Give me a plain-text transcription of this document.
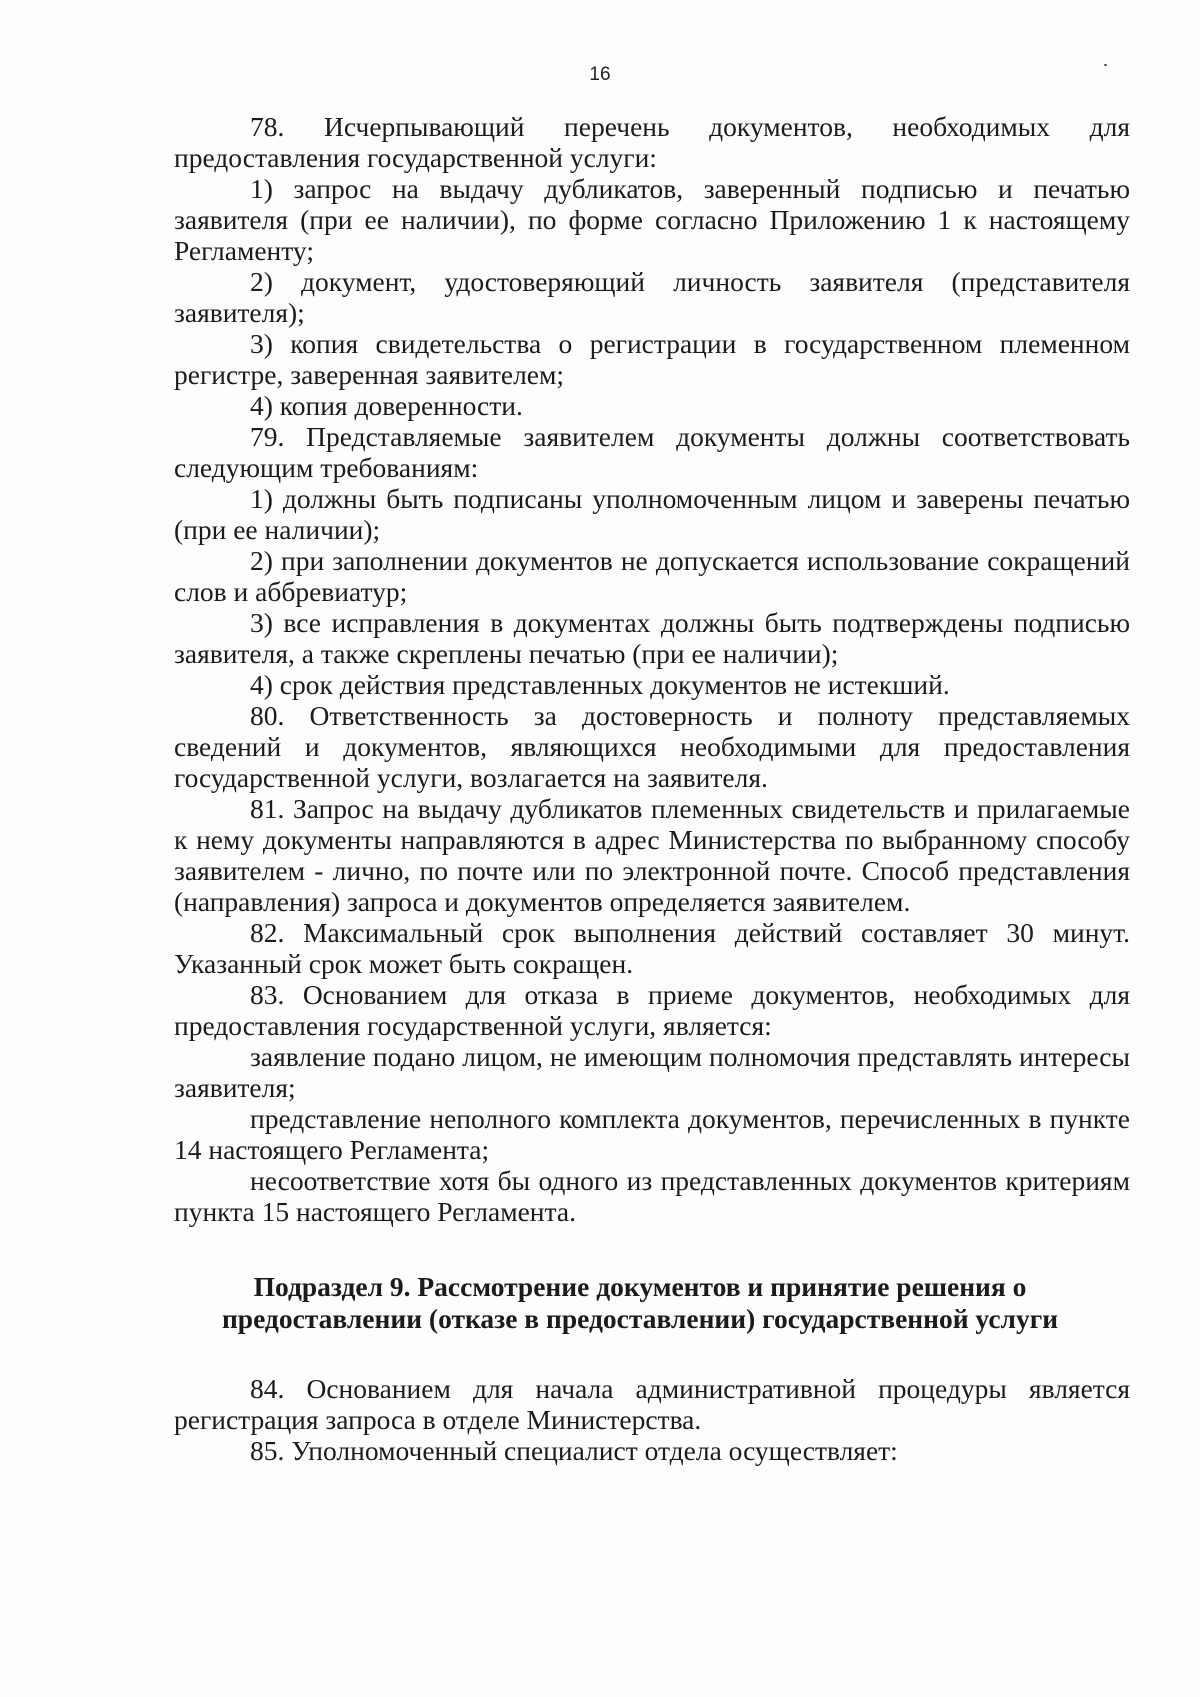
16

78. Исчерпывающий перечень документов, необходимых для предоставления государственной услуги:

1) запрос на выдачу дубликатов, заверенный подписью и печатью заявителя (при ее наличии), по форме согласно Приложению 1 к настоящему Регламенту;

2) документ, удостоверяющий личность заявителя (представителя заявителя);

3) копия свидетельства о регистрации в государственном племенном регистре, заверенная заявителем;

4) копия доверенности.

79. Представляемые заявителем документы должны соответствовать следующим требованиям:

1) должны быть подписаны уполномоченным лицом и заверены печатью (при ее наличии);

2) при заполнении документов не допускается использование сокращений слов и аббревиатур;

3) все исправления в документах должны быть подтверждены подписью заявителя, а также скреплены печатью (при ее наличии);

4) срок действия представленных документов не истекший.

80. Ответственность за достоверность и полноту представляемых сведений и документов, являющихся необходимыми для предоставления государственной услуги, возлагается на заявителя.

81. Запрос на выдачу дубликатов племенных свидетельств и прилагаемые к нему документы направляются в адрес Министерства по выбранному способу заявителем - лично, по почте или по электронной почте. Способ представления (направления) запроса и документов определяется заявителем.

82. Максимальный срок выполнения действий составляет 30 минут. Указанный срок может быть сокращен.

83. Основанием для отказа в приеме документов, необходимых для предоставления государственной услуги, является:

заявление подано лицом, не имеющим полномочия представлять интересы заявителя;

представление неполного комплекта документов, перечисленных в пункте 14 настоящего Регламента;

несоответствие хотя бы одного из представленных документов критериям пункта 15 настоящего Регламента.

Подраздел 9. Рассмотрение документов и принятие решения о предоставлении (отказе в предоставлении) государственной услуги

84. Основанием для начала административной процедуры является регистрация запроса в отделе Министерства.

85. Уполномоченный специалист отдела осуществляет:
